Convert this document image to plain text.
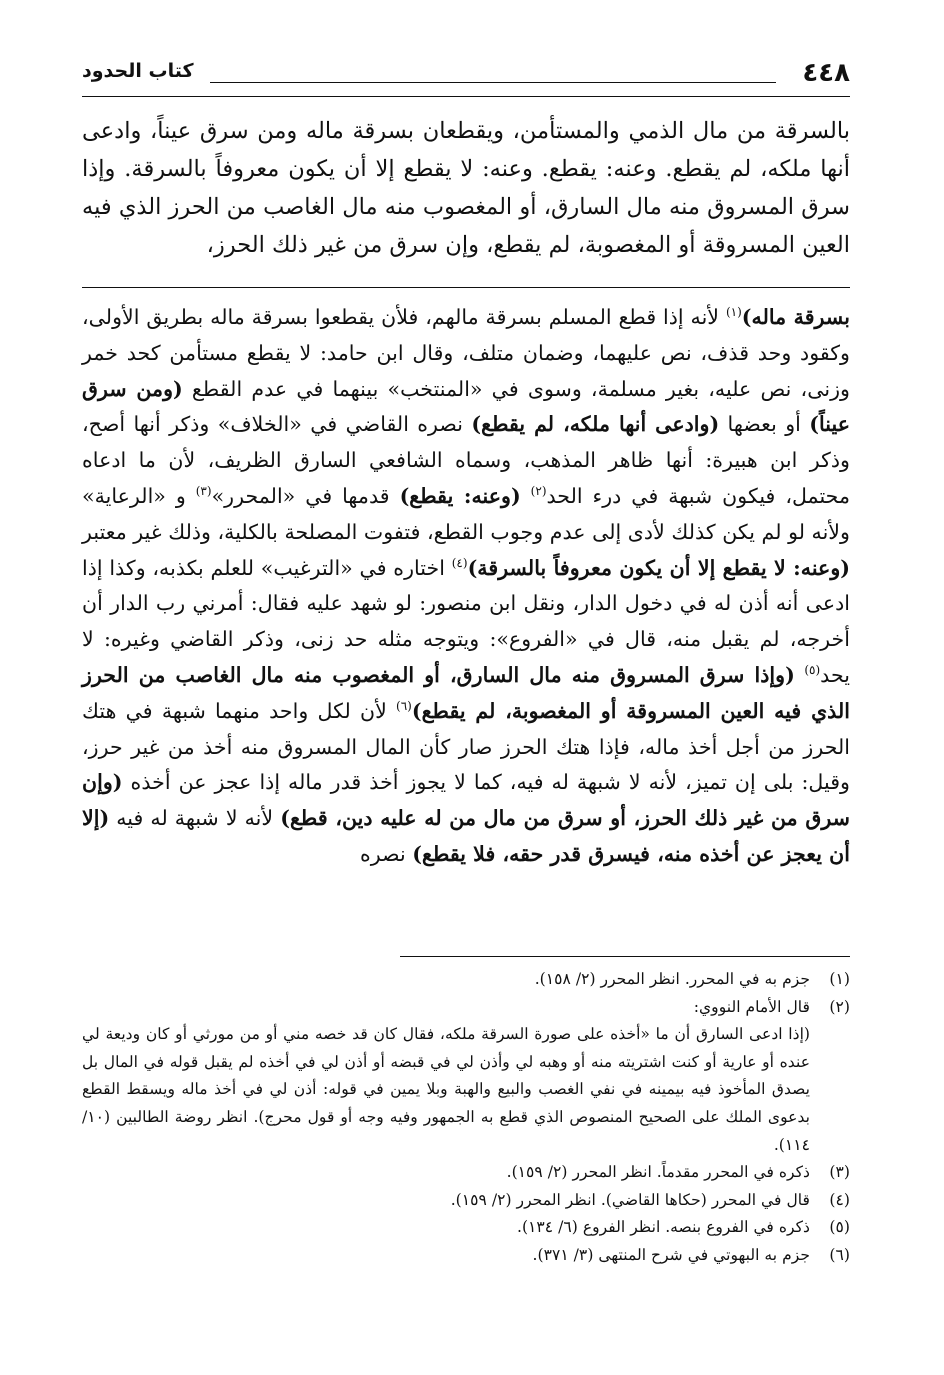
٤٤٨
كتاب الحدود

بالسرقة من مال الذمي والمستأمن، ويقطعان بسرقة ماله ومن سرق عيناً، وادعى أنها ملكه، لم يقطع. وعنه: يقطع. وعنه: لا يقطع إلا أن يكون معروفاً بالسرقة. وإذا سرق المسروق منه مال السارق، أو المغصوب منه مال الغاصب من الحرز الذي فيه العين المسروقة أو المغصوبة، لم يقطع، وإن سرق من غير ذلك الحرز،

بسرقة ماله)$^{(١)}$ لأنه إذا قطع المسلم بسرقة مالهم، فلأن يقطعوا بسرقة ماله بطريق الأولى، وكقود وحد قذف، نص عليهما، وضمان متلف، وقال ابن حامد: لا يقطع مستأمن كحد خمر وزنى، نص عليه، بغير مسلمة، وسوى في «المنتخب» بينهما في عدم القطع (ومن سرق عيناً) أو بعضها (وادعى أنها ملكه، لم يقطع) نصره القاضي في «الخلاف» وذكر أنها أصح، وذكر ابن هبيرة: أنها ظاهر المذهب، وسماه الشافعي السارق الظريف، لأن ما ادعاه محتمل، فيكون شبهة في درء الحد$^{(٢)}$ (وعنه: يقطع) قدمها في «المحرر»$^{(٣)}$ و «الرعاية» ولأنه لو لم يكن كذلك لأدى إلى عدم وجوب القطع، فتفوت المصلحة بالكلية، وذلك غير معتبر (وعنه: لا يقطع إلا أن يكون معروفاً بالسرقة)$^{(٤)}$ اختاره في «الترغيب» للعلم بكذبه، وكذا إذا ادعى أنه أذن له في دخول الدار، ونقل ابن منصور: لو شهد عليه فقال: أمرني رب الدار أن أخرجه، لم يقبل منه، قال في «الفروع»: ويتوجه مثله حد زنى، وذكر القاضي وغيره: لا يحد$^{(٥)}$ (وإذا سرق المسروق منه مال السارق، أو المغصوب منه مال الغاصب من الحرز الذي فيه العين المسروقة أو المغصوبة، لم يقطع)$^{(٦)}$ لأن لكل واحد منهما شبهة في هتك الحرز من أجل أخذ ماله، فإذا هتك الحرز صار كأن المال المسروق منه أخذ من غير حرز، وقيل: بلى إن تميز، لأنه لا شبهة له فيه، كما لا يجوز أخذ قدر ماله إذا عجز عن أخذه (وإن سرق من غير ذلك الحرز، أو سرق من مال من له عليه دين، قطع) لأنه لا شبهة له فيه (إلا أن يعجز عن أخذه منه، فيسرق قدر حقه، فلا يقطع) نصره

(١)
جزم به في المحرر. انظر المحرر (٢/ ١٥٨).
(٢)
قال الأمام النووي:
(إذا ادعى السارق أن ما «أخذه على صورة السرقة ملكه، فقال كان قد خصه مني أو من مورثي أو كان وديعة لي عنده أو عارية أو كنت اشتريته منه أو وهبه لي وأذن لي في قبضه أو أذن لي في أخذه لم يقبل قوله في المال بل يصدق المأخوذ فيه بيمينه في نفي الغصب والبيع والهبة وبلا يمين في قوله: أذن لي في أخذ ماله ويسقط القطع بدعوى الملك على الصحيح المنصوص الذي قطع به الجمهور وفيه وجه أو قول محرج). انظر روضة الطالبين (١٠/ ١١٤).
(٣)
ذكره في المحرر مقدماً. انظر المحرر (٢/ ١٥٩).
(٤)
قال في المحرر (حكاها القاضي). انظر المحرر (٢/ ١٥٩).
(٥)
ذكره في الفروع بنصه. انظر الفروع (٦/ ١٣٤).
(٦)
جزم به البهوتي في شرح المنتهى (٣/ ٣٧١).
